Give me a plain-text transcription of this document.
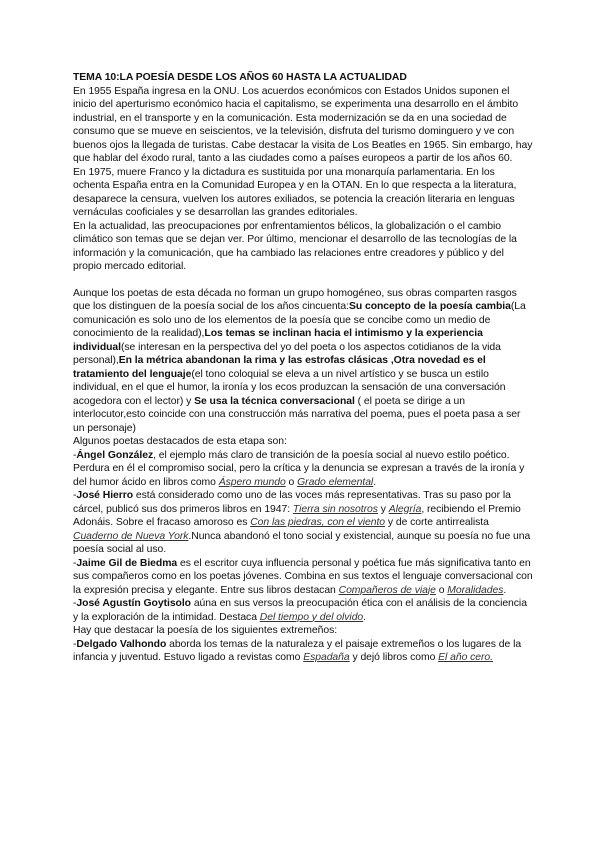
TEMA 10:LA POESÍA DESDE LOS AÑOS 60 HASTA LA ACTUALIDAD

En 1955 España ingresa en la ONU. Los acuerdos económicos con Estados Unidos suponen el inicio del aperturismo económico hacia el capitalismo, se experimenta una desarrollo en el ámbito industrial, en el transporte y en la comunicación. Esta modernización se da en una sociedad de consumo que se mueve en seiscientos, ve la televisión, disfruta del turismo dominguero y ve con buenos ojos la llegada de turistas. Cabe destacar la visita de Los Beatles en 1965. Sin embargo, hay que hablar del éxodo rural, tanto a las ciudades como a países europeos a partir de los años 60.

En 1975, muere Franco y la dictadura es sustituida por una monarquía parlamentaria. En los ochenta España entra en la Comunidad Europea y en la OTAN. En lo que respecta a la literatura, desaparece la censura, vuelven los autores exiliados, se potencia la creación literaria en lenguas vernáculas cooficiales y se desarrollan las grandes editoriales.

En la actualidad, las preocupaciones por enfrentamientos bélicos, la globalización o el cambio climático son temas que se dejan ver. Por último, mencionar el desarrollo de las tecnologías de la información y la comunicación, que ha cambiado las relaciones entre creadores y público y del propio mercado editorial.

Aunque los poetas de esta década no forman un grupo homogéneo, sus obras comparten rasgos que los distinguen de la poesía social de los años cincuenta:Su concepto de la poesía cambia(La comunicación es solo uno de los elementos de la poesía que se concibe como un medio de conocimiento de la realidad),Los temas se inclinan hacia el intimismo y la experiencia individual(se interesan en la perspectiva del yo del poeta o los aspectos cotidianos de la vida personal),En la métrica abandonan la rima y las estrofas clásicas ,Otra novedad es el tratamiento del lenguaje(el tono coloquial se eleva a un nivel artístico y se busca un estilo individual, en el que el humor, la ironía y los ecos produzcan la sensación de una conversación acogedora con el lector) y Se usa la técnica conversacional ( el poeta se dirige a un interlocutor,esto coincide con una construcción más narrativa del poema, pues el poeta pasa a ser un personaje)

Algunos poetas destacados de esta etapa son:

-Ángel González, el ejemplo más claro de transición de la poesía social al nuevo estilo poético. Perdura en él el compromiso social, pero la crítica y la denuncia se expresan a través de la ironía y del humor ácido en libros como Áspero mundo o Grado elemental.

-José Hierro está considerado como uno de las voces más representativas. Tras su paso por la cárcel, publicó sus dos primeros libros en 1947: Tierra sin nosotros y Alegría, recibiendo el Premio Adonáis. Sobre el fracaso amoroso es Con las piedras, con el viento y de corte antirrealista Cuaderno de Nueva York.Nunca abandonó el tono social y existencial, aunque su poesía no fue una poesía social al uso.

-Jaime Gil de Biedma es el escritor cuya influencia personal y poética fue más significativa tanto en sus compañeros como en los poetas jóvenes. Combina en sus textos el lenguaje conversacional con la expresión precisa y elegante. Entre sus libros destacan Compañeros de viaje o Moralidades.

-José Agustín Goytisolo aúna en sus versos la preocupación ética con el análisis de la conciencia y la exploración de la intimidad. Destaca Del tiempo y del olvido.

Hay que destacar la poesía de los siguientes extremeños:

-Delgado Valhondo aborda los temas de la naturaleza y el paisaje extremeños o los lugares de la infancia y juventud. Estuvo ligado a revistas como Espadaña y dejó libros como El año cero.
